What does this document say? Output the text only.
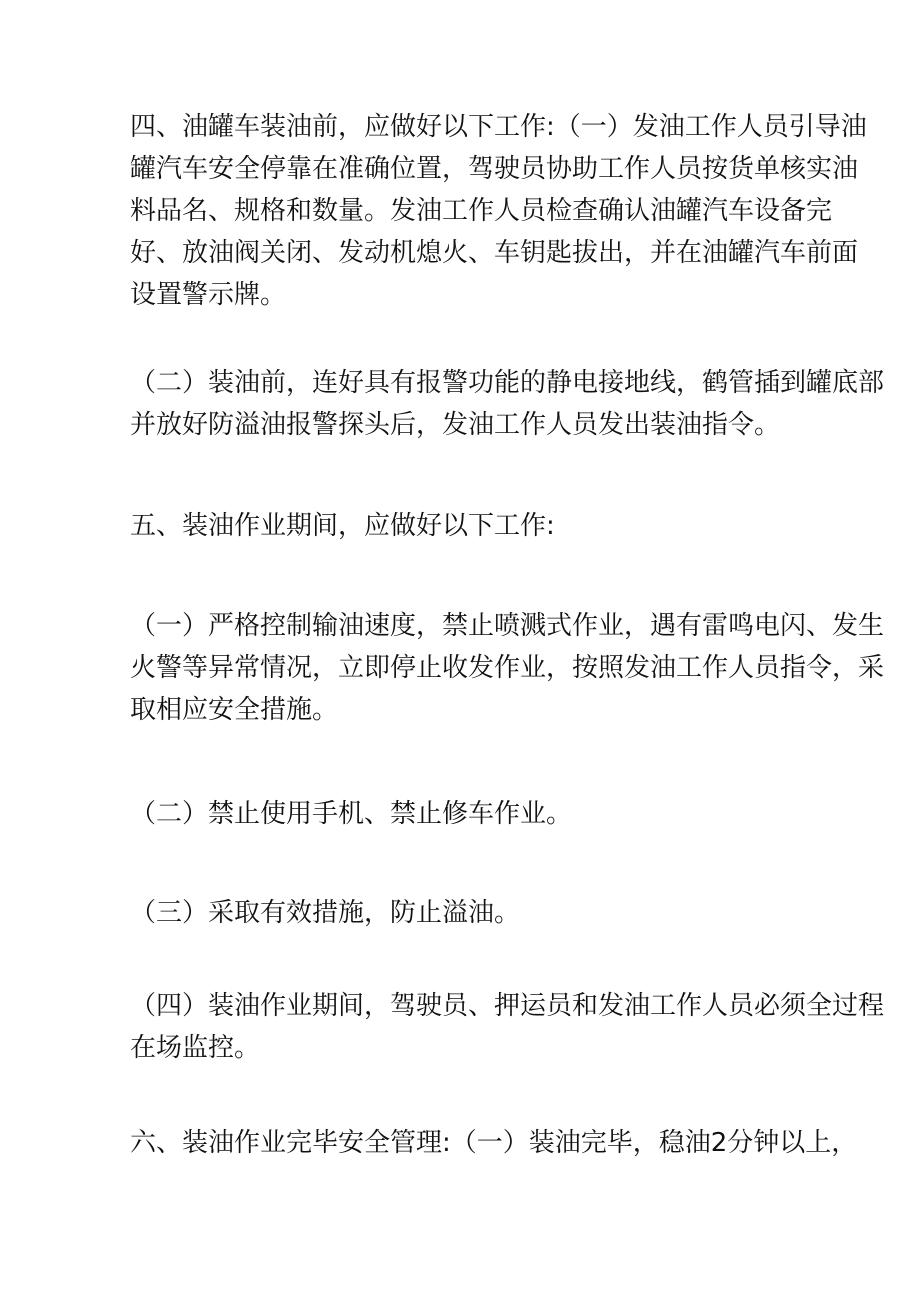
四、油罐车装油前，应做好以下工作:（一）发油工作人员引导油
罐汽车安全停靠在准确位置，驾驶员协助工作人员按货单核实油
料品名、规格和数量。发油工作人员检查确认油罐汽车设备完
好、放油阀关闭、发动机熄火、车钥匙拔出，并在油罐汽车前面
设置警示牌。
（二）装油前，连好具有报警功能的静电接地线，鹤管插到罐底部
并放好防溢油报警探头后，发油工作人员发出装油指令。
五、装油作业期间，应做好以下工作:
（一）严格控制输油速度，禁止喷溅式作业，遇有雷鸣电闪、发生
火警等异常情况，立即停止收发作业，按照发油工作人员指令，采
取相应安全措施。
（二）禁止使用手机、禁止修车作业。
（三）采取有效措施，防止溢油。
（四）装油作业期间，驾驶员、押运员和发油工作人员必须全过程
在场监控。
六、装油作业完毕安全管理:（一）装油完毕，稳油2分钟以上，
